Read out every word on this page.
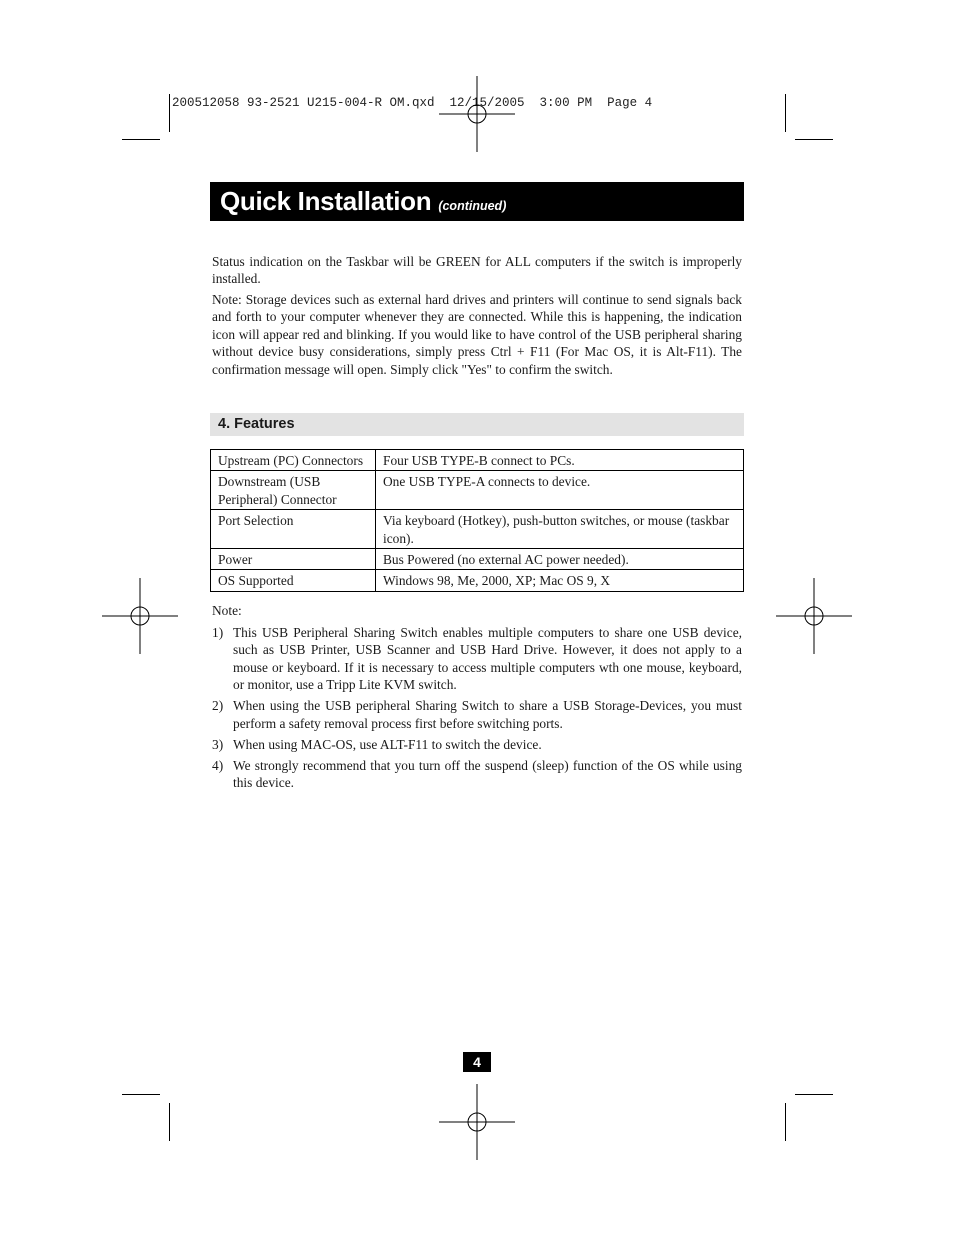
200512058 93-2521 U215-004-R OM.qxd  12/15/2005  3:00 PM  Page 4
Quick Installation (continued)
Status indication on the Taskbar will be GREEN for ALL computers if the switch is improperly installed.
Note: Storage devices such as external hard drives and printers will continue to send signals back and forth to your computer whenever they are connected. While this is happening, the indication icon will appear red and blinking. If you would like to have control of the USB peripheral sharing without device busy considerations, simply press Ctrl + F11 (For Mac OS, it is Alt-F11). The confirmation message will open. Simply click "Yes" to confirm the switch.
4. Features
Upstream (PC) Connectors	Four USB TYPE-B connect to PCs.
Downstream (USB Peripheral) Connector	One USB TYPE-A connects to device.
Port Selection	Via keyboard (Hotkey), push-button switches, or mouse (taskbar icon).
Power	Bus Powered (no external AC power needed).
OS Supported	Windows 98, Me, 2000, XP; Mac OS 9, X
Note:
1) This USB Peripheral Sharing Switch enables multiple computers to share one USB device, such as USB Printer, USB Scanner and USB Hard Drive. However, it does not apply to a mouse or keyboard. If it is necessary to access multiple computers wth one mouse, keyboard, or monitor, use a Tripp Lite KVM switch.
2) When using the USB peripheral Sharing Switch to share a USB Storage-Devices, you must perform a safety removal process first before switching ports.
3) When using MAC-OS, use ALT-F11 to switch the device.
4) We strongly recommend that you turn off the suspend (sleep) function of the OS while using this device.
4
